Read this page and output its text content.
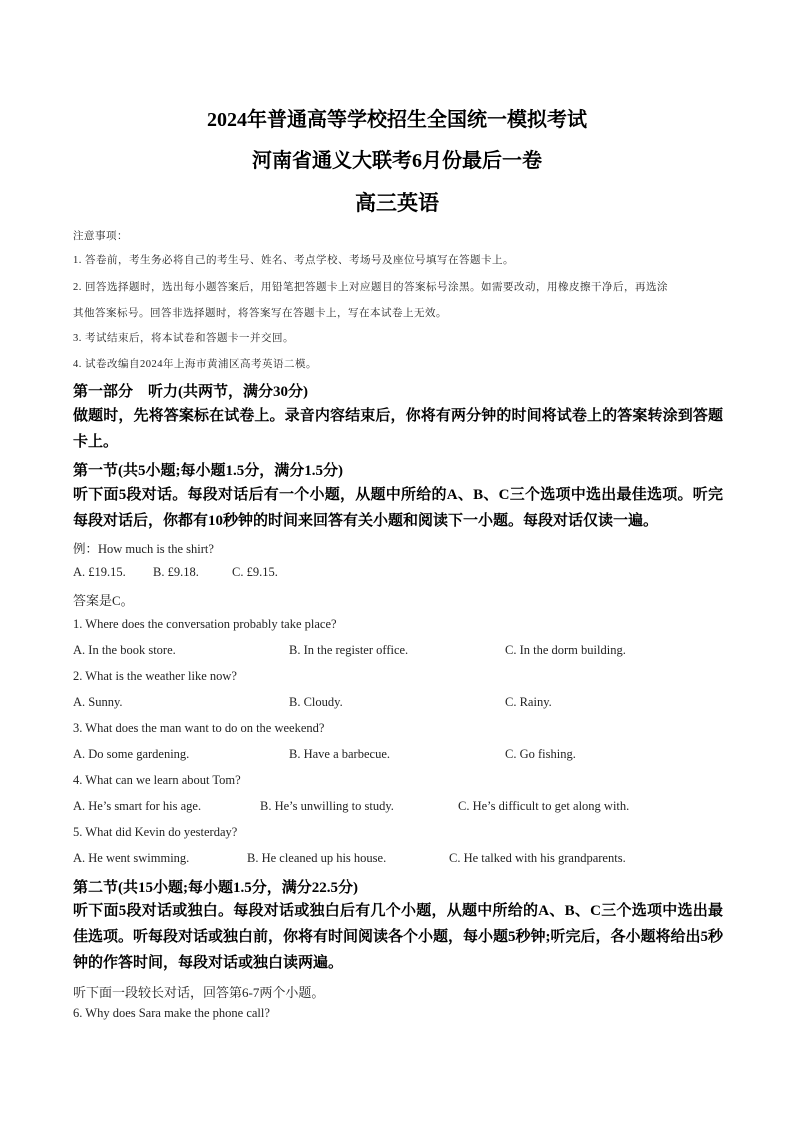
2024年普通高等学校招生全国统一模拟考试
河南省通义大联考6月份最后一卷
高三英语
注意事项：
1. 答卷前，考生务必将自己的考生号、姓名、考点学校、考场号及座位号填写在答题卡上。
2. 回答选择题时，选出每小题答案后，用铅笔把答题卡上对应题目的答案标号涂黑。如需要改动，用橡皮擦干净后，再选涂
其他答案标号。回答非选择题时，将答案写在答题卡上，写在本试卷上无效。
3. 考试结束后，将本试卷和答题卡一并交回。
4. 试卷改编自2024年上海市黄浦区高考英语二模。
第一部分　听力(共两节，满分30分)
做题时，先将答案标在试卷上。录音内容结束后，你将有两分钟的时间将试卷上的答案转涂到答题卡上。
第一节(共5小题;每小题1.5分，满分1.5分)
听下面5段对话。每段对话后有一个小题，从题中所给的A、B、C三个选项中选出最佳选项。听完每段对话后，你都有10秒钟的时间来回答有关小题和阅读下一小题。每段对话仅读一遍。
例：How much is the shirt?
A. £19.15. B. £9.18.	C. £9.15.
答案是C。
1. Where does the conversation probably take place?
A. In the book store.	B. In the register office.	C. In the dorm building.
2. What is the weather like now?
A. Sunny.	B. Cloudy.	C. Rainy.
3. What does the man want to do on the weekend?
A. Do some gardening.	B. Have a barbecue.	C. Go fishing.
4. What can we learn about Tom?
A. He’s smart for his age.	B. He’s unwilling to study.	C. He’s difficult to get along with.
5. What did Kevin do yesterday?
A. He went swimming.	B. He cleaned up his house.	C. He talked with his grandparents.
第二节(共15小题;每小题1.5分，满分22.5分)
听下面5段对话或独白。每段对话或独白后有几个小题，从题中所给的A、B、C三个选项中选出最佳选项。听每段对话或独白前，你将有时间阅读各个小题，每小题5秒钟;听完后，各小题将给出5秒钟的作答时间，每段对话或独白读两遍。
听下面一段较长对话，回答第6-7两个小题。
6. Why does Sara make the phone call?
